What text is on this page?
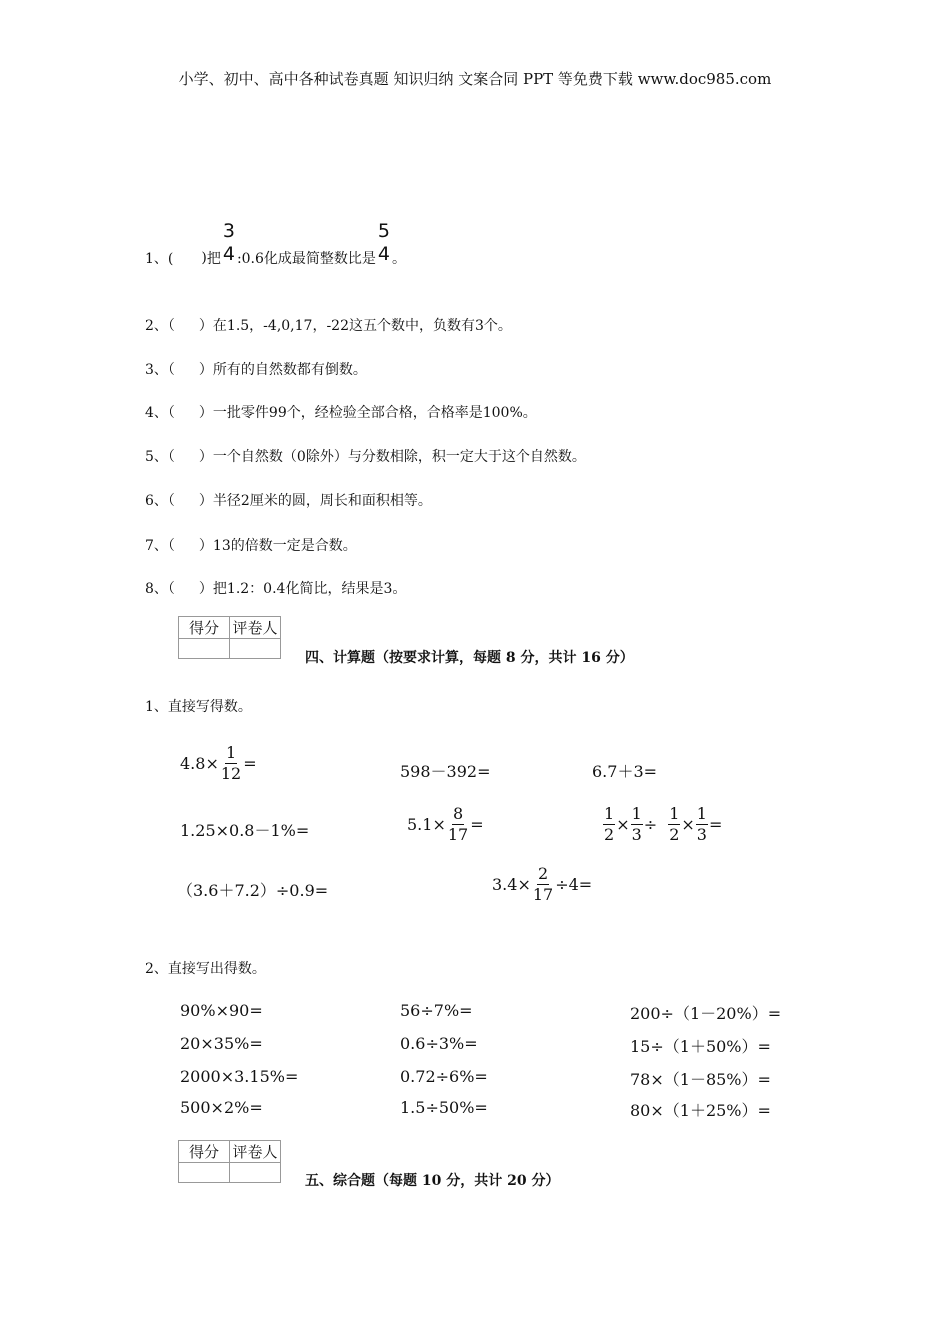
小学、初中、高中各种试卷真题 知识归纳 文案合同 PPT 等免费下载 www.doc985.com
1、( ) 把
3
4 :0.6化成最简整数比是
5
4 。
2、（ ）在1.5，-4,0,17，-22这五个数中，负数有3个。
3、（ ）所有的自然数都有倒数。
4、（ ）一批零件99个，经检验全部合格，合格率是100%。
5、（ ）一个自然数（0除外）与分数相除，积一定大于这个自然数。
6、（ ）半径2厘米的圆，周长和面积相等。
7、（ ）13的倍数一定是合数。
8、（ ）把1.2：0.4化简比，结果是3。
得分	评卷人

四、计算题（按要求计算，每题 8 分，共计 16 分）
1、直接写得数。
$4.8\times \frac{1}{12}$ =	598－392=	6.7＋3=
1.25×0.8－1%=	$5.1\times \frac{8}{17}$ =	$\frac{1}{2} \times \frac{1}{3} \div \frac{1}{2} \times \frac{1}{3}$ =
（3.6＋7.2）÷0.9=	$3.4\times \frac{2}{17} \div 4=$
2、直接写出得数。
90%×90=	56÷7%=	200÷（1－20%）=
20×35%=	0.6÷3%=	15÷（1＋50%）=
2000×3.15%=	0.72÷6%=	78×（1－85%）=
500×2%=	1.5÷50%=	80×（1＋25%）=
得分	评卷人

五、综合题（每题 10 分，共计 20 分）
